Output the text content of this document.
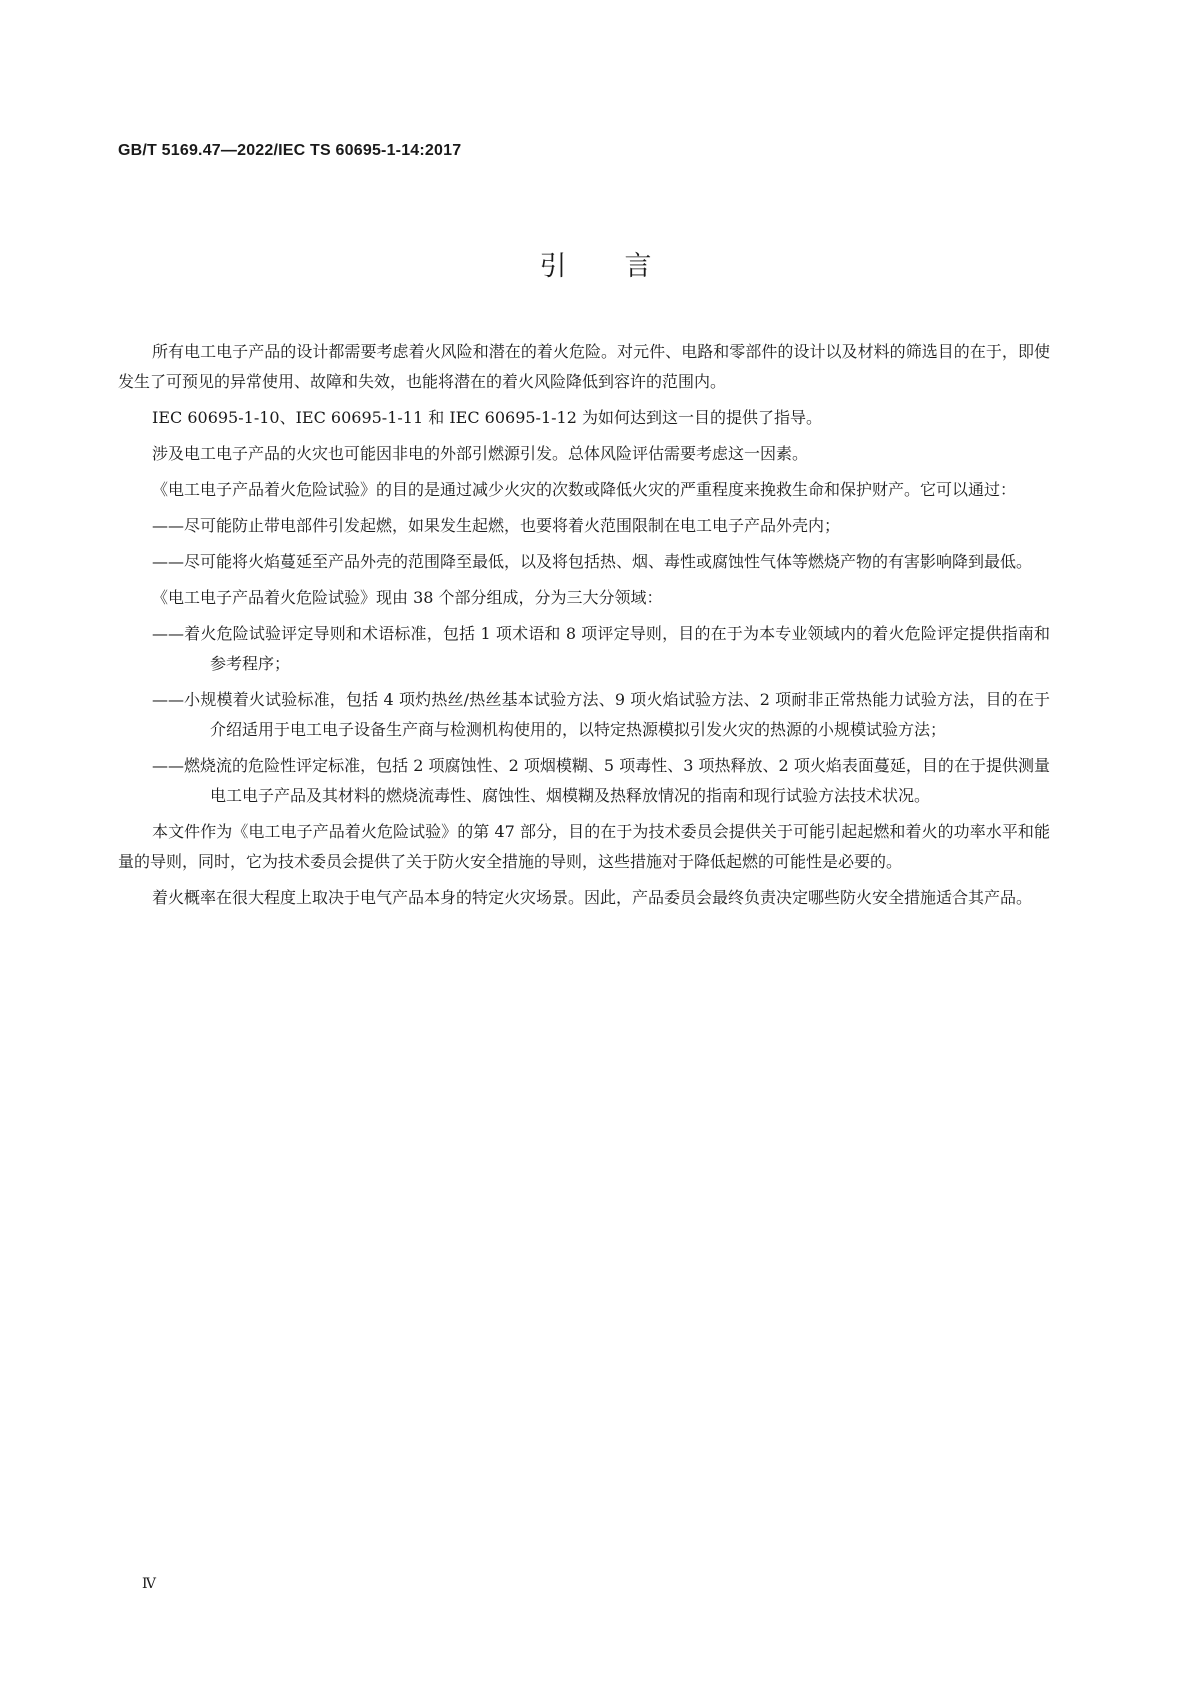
GB/T 5169.47—2022/IEC TS 60695-1-14:2017
引言

所有电工电子产品的设计都需要考虑着火风险和潜在的着火危险。对元件、电路和零部件的设计以及材料的筛选目的在于，即使发生了可预见的异常使用、故障和失效，也能将潜在的着火风险降低到容许的范围内。

IEC 60695-1-10、IEC 60695-1-11 和 IEC 60695-1-12 为如何达到这一目的提供了指导。

涉及电工电子产品的火灾也可能因非电的外部引燃源引发。总体风险评估需要考虑这一因素。

《电工电子产品着火危险试验》的目的是通过减少火灾的次数或降低火灾的严重程度来挽救生命和保护财产。它可以通过：

——尽可能防止带电部件引发起燃，如果发生起燃，也要将着火范围限制在电工电子产品外壳内；

——尽可能将火焰蔓延至产品外壳的范围降至最低，以及将包括热、烟、毒性或腐蚀性气体等燃烧产物的有害影响降到最低。

《电工电子产品着火危险试验》现由 38 个部分组成，分为三大分领域：

——着火危险试验评定导则和术语标准，包括 1 项术语和 8 项评定导则，目的在于为本专业领域内的着火危险评定提供指南和参考程序；

——小规模着火试验标准，包括 4 项灼热丝/热丝基本试验方法、9 项火焰试验方法、2 项耐非正常热能力试验方法，目的在于介绍适用于电工电子设备生产商与检测机构使用的，以特定热源模拟引发火灾的热源的小规模试验方法；

——燃烧流的危险性评定标准，包括 2 项腐蚀性、2 项烟模糊、5 项毒性、3 项热释放、2 项火焰表面蔓延，目的在于提供测量电工电子产品及其材料的燃烧流毒性、腐蚀性、烟模糊及热释放情况的指南和现行试验方法技术状况。

本文件作为《电工电子产品着火危险试验》的第 47 部分，目的在于为技术委员会提供关于可能引起起燃和着火的功率水平和能量的导则，同时，它为技术委员会提供了关于防火安全措施的导则，这些措施对于降低起燃的可能性是必要的。

着火概率在很大程度上取决于电气产品本身的特定火灾场景。因此，产品委员会最终负责决定哪些防火安全措施适合其产品。

Ⅳ
